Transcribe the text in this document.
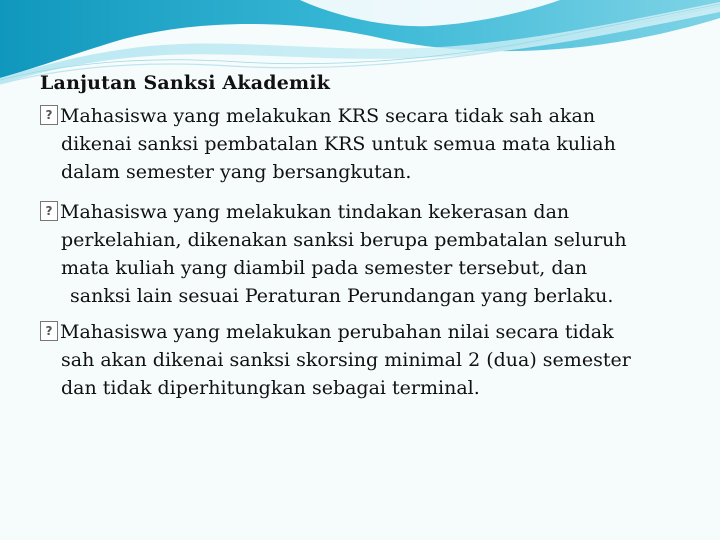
Lanjutan Sanksi Akademik
?Mahasiswa yang melakukan KRS secara tidak sah akan
dikenai sanksi pembatalan KRS untuk semua mata kuliah
dalam semester yang bersangkutan.
?Mahasiswa yang melakukan tindakan kekerasan dan
perkelahian, dikenakan sanksi berupa pembatalan seluruh
mata kuliah yang diambil pada semester tersebut, dan
sanksi lain sesuai Peraturan Perundangan yang berlaku.
?Mahasiswa yang melakukan perubahan nilai secara tidak
sah akan dikenai sanksi skorsing minimal 2 (dua) semester
dan tidak diperhitungkan sebagai terminal.
